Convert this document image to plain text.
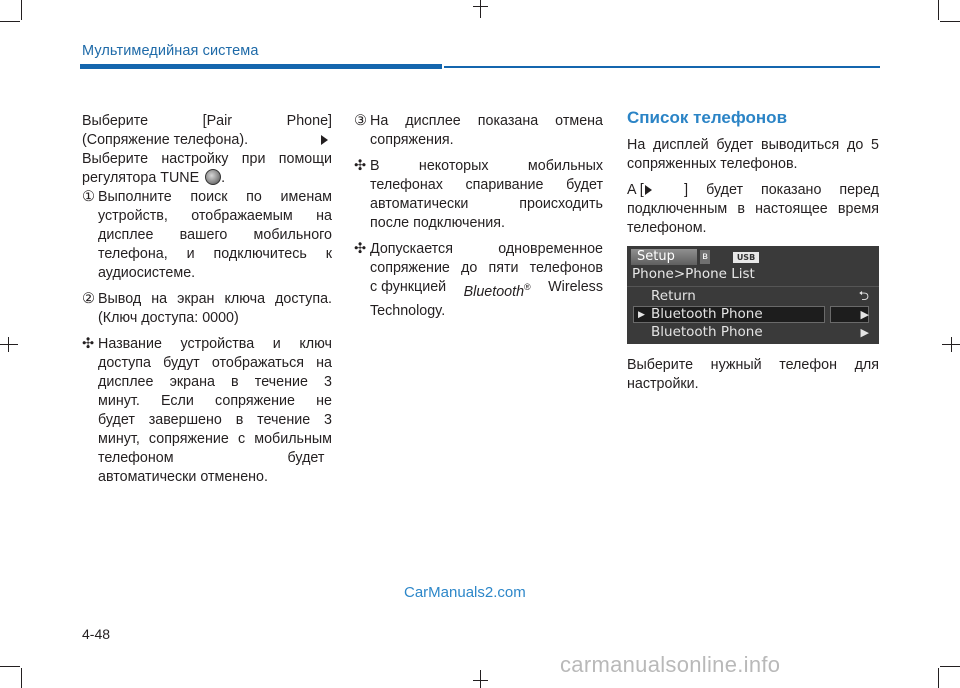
Мультимедийная система
Выберите [Pair Phone]
(Сопряжение телефона).
Выберите настройку при помощи
регулятора TUNE .
① Выполните поиск по именам
устройств, отображаемым на
дисплее вашего мобильного
телефона, и подключитесь к
аудиосистеме.
② Вывод на экран ключа доступа.
(Ключ доступа: 0000)
✣ Название устройства и ключ
доступа будут отображаться на
дисплее экрана в течение 3
минут. Если сопряжение не
будет завершено в течение 3
минут, сопряжение с мобильным
телефоном будет
автоматически отменено.
③ На дисплее показана отмена
сопряжения.
✣ В некоторых мобильных
телефонах спаривание будет
автоматически происходить
после подключения.
✣ Допускается одновременное
сопряжение до пяти телефонов
с функцией Bluetooth® Wireless
Technology.
Список телефонов
На дисплей будет выводиться до 5
сопряженных телефонов.
A [	] будет показано перед
подключенным в настоящее время
телефоном.
Setup	ʙ	USB
Phone>Phone List
Return	⮌
▶ Bluetooth Phone	▶
Bluetooth Phone	▶
Выберите нужный телефон для
настройки.
CarManuals2.com
4-48
carmanualsonline.info
